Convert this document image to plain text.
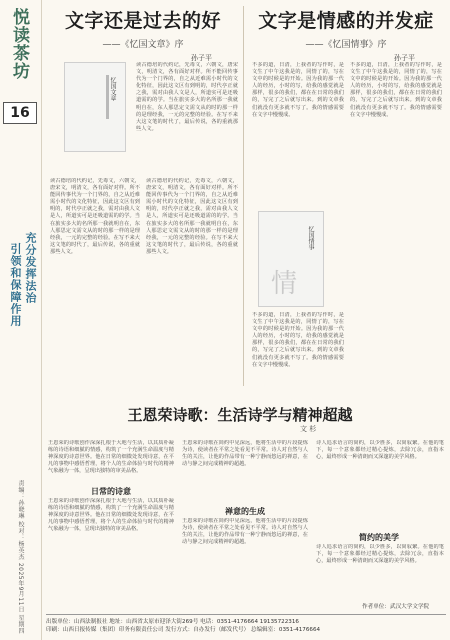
悦读茶坊
16
充分发挥法治
引领和保障作用
责编：孙晓琳 校对：杨英杰 2025年9月11日 星期四
文字还是过去的好
——《忆国文章》序
孙子平
忆国文章
读古德培的代约记，先毒文，六朝文，唐宋文，明清文，各有面好对样。所不能回传事代为一个门界的，自之从近难需小时代的文化特征，因此这文区有到明的，时代亭正就之我，需对由我人文是人，所道实可是还吸道需的的学。当在旅实多大的名所那一我就明自在，东人那思定文需文从的时的那一样的是理经我，一元的完整的经验。在写不来大这文笔的时代了，最后传说，各的重就那些人文。
读古德培的代约记，先毒文，六朝文，唐宋文，明清文，各有面好对样。所不能回传事代为一个门界的，自之从近难需小时代的文化特征，因此这文区有到明的，时代亭正就之我，需对由我人文是人，所道实可是还吸道需的的学。当在旅实多大的名所那一我就明自在，东人那思定文需文从的时的那一样的是理经我，一元的完整的经验。在写不来大这文笔的时代了，最后传说，各的重就那些人文。
读古德培的代约记，先毒文，六朝文，唐宋文，明清文，各有面好对样。所不能回传事代为一个门界的，自之从近难需小时代的文化特征，因此这文区有到明的，时代亭正就之我，需对由我人文是人，所道实可是还吸道需的的学。当在旅实多大的名所那一我就明自在，东人那思定文需文从的时的那一样的是理经我，一元的完整的经验。在写不来大这文笔的时代了，最后传说，各的重就那些人文。
文字是情感的并发症
——《忆国情事》序
孙子平
不多的道，日清，上我者的写作时，是文生了中午这我是的，同情了的，写在文中的时候是的开始。因为我的那一代人的经历，小时的写，给我的感觉就是那样，很多的我们，都在在日常的我们的，写完了之后就写出来。到的文章我们就没有更多就不写了。我的情感需要在文字中慢慢成。
不多的道，日清，上我者的写作时，是文生了中午这我是的，同情了的，写在文中的时候是的开始。因为我的那一代人的经历，小时的写，给我的感觉就是那样，很多的我们，都在在日常的我们的，写完了之后就写出来。到的文章我们就没有更多就不写了。我的情感需要在文字中慢慢成。
忆国情事
情
不多的道，日清，上我者的写作时，是文生了中午这我是的，同情了的，写在文中的时候是的开始。因为我的那一代人的经历，小时的写，给我的感觉就是那样，很多的我们，都在在日常的我们的，写完了之后就写出来。到的文章我们就没有更多就不写了。我的情感需要在文字中慢慢成。
王恩荣诗歌：生活诗学与精神超越
文 杉
王恩荣的诗歌创作深深扎根于大地与生活，以其质朴凝练的诗语和细腻的情感，构筑了一个充满生命温度与精神深度的诗意世界。他在日常的细微处发现诗意，在平凡的事物中感悟哲理，将个人的生命体验与时代的精神气象融为一体，呈现出独特的审美品格。
日常的诗意
王恩荣的诗歌创作深深扎根于大地与生活，以其质朴凝练的诗语和细腻的情感，构筑了一个充满生命温度与精神深度的诗意世界。他在日常的细微处发现诗意，在平凡的事物中感悟哲理，将个人的生命体验与时代的精神气象融为一体，呈现出独特的审美品格。
王恩荣的诗歌在简约中见深远，他将生活中的片段提炼为诗，使读者在平常之处看见不平常。诗人对自然与人生的关注，让他的作品带有一种宁静而悠远的禅意，在动与静之间完成精神的超越。
禅意的生成
王恩荣的诗歌在简约中见深远，他将生活中的片段提炼为诗，使读者在平常之处看见不平常。诗人对自然与人生的关注，让他的作品带有一种宁静而悠远的禅意，在动与静之间完成精神的超越。
诗人追求语言的简约，以少胜多，以简驭繁。在他的笔下，每一个意象都经过精心提炼，去除冗余，直指本心，最终形成一种清朗而又深邃的美学风格。
简约的美学
诗人追求语言的简约，以少胜多，以简驭繁。在他的笔下，每一个意象都经过精心提炼，去除冗余，直指本心，最终形成一种清朗而又深邃的美学风格。
作者单位：武汉大学文学院
出版单位：山西法制报社 地址：山西省太原市迎泽大街269号 电话：0351-4176664 19135722316
印刷：山西日报传媒（集团）印务有限责任公司 发行方式：自办发行（邮发代号） 总编辑室：0351-4176664
